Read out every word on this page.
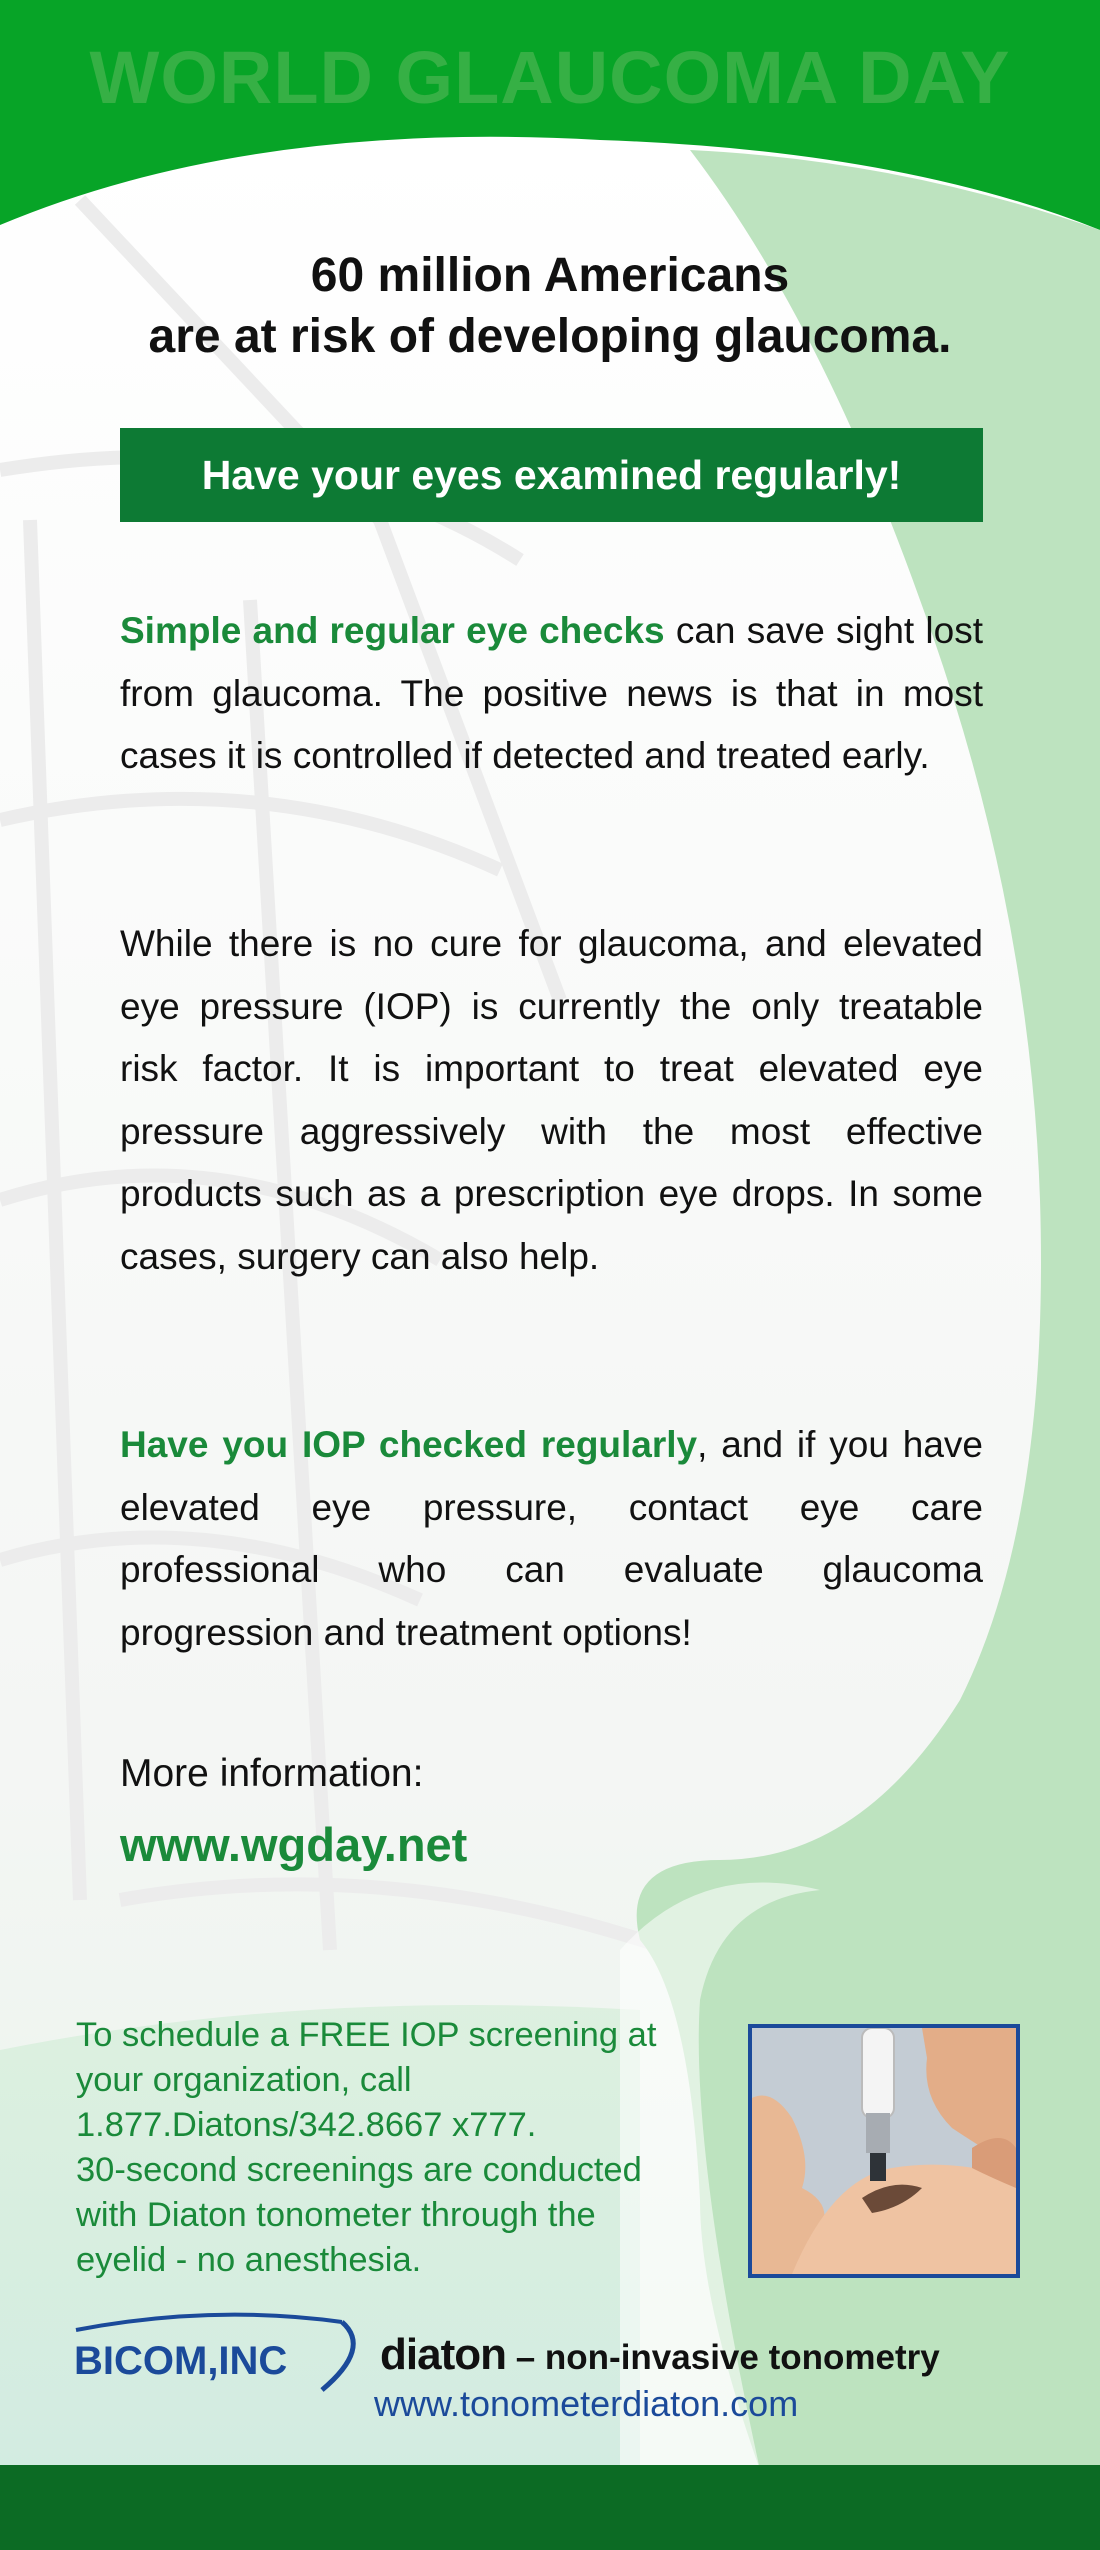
WORLD GLAUCOMA DAY
60 million Americans
are at risk of developing glaucoma.
Have your eyes examined regularly!
Simple and regular eye checks can save sight lost from glaucoma. The positive news is that in most cases it is controlled if detected and treated early.
While there is no cure for glaucoma, and elevated eye pressure (IOP) is currently the only treatable risk factor. It is important to treat elevated eye pressure aggressively with the most effective products such as a prescription eye drops. In some cases, surgery can also help.
Have you IOP checked regularly, and if you have elevated eye pressure, contact eye care professional who can evaluate glaucoma progression and treatment options!
More information:
www.wgday.net
To schedule a FREE IOP screening at
your organization, call
1.877.Diatons/342.8667 x777.
30-second screenings are conducted
with Diaton tonometer through the
eyelid - no anesthesia.
BICOM,INC diaton – non-invasive tonometry
www.tonometerdiaton.com
